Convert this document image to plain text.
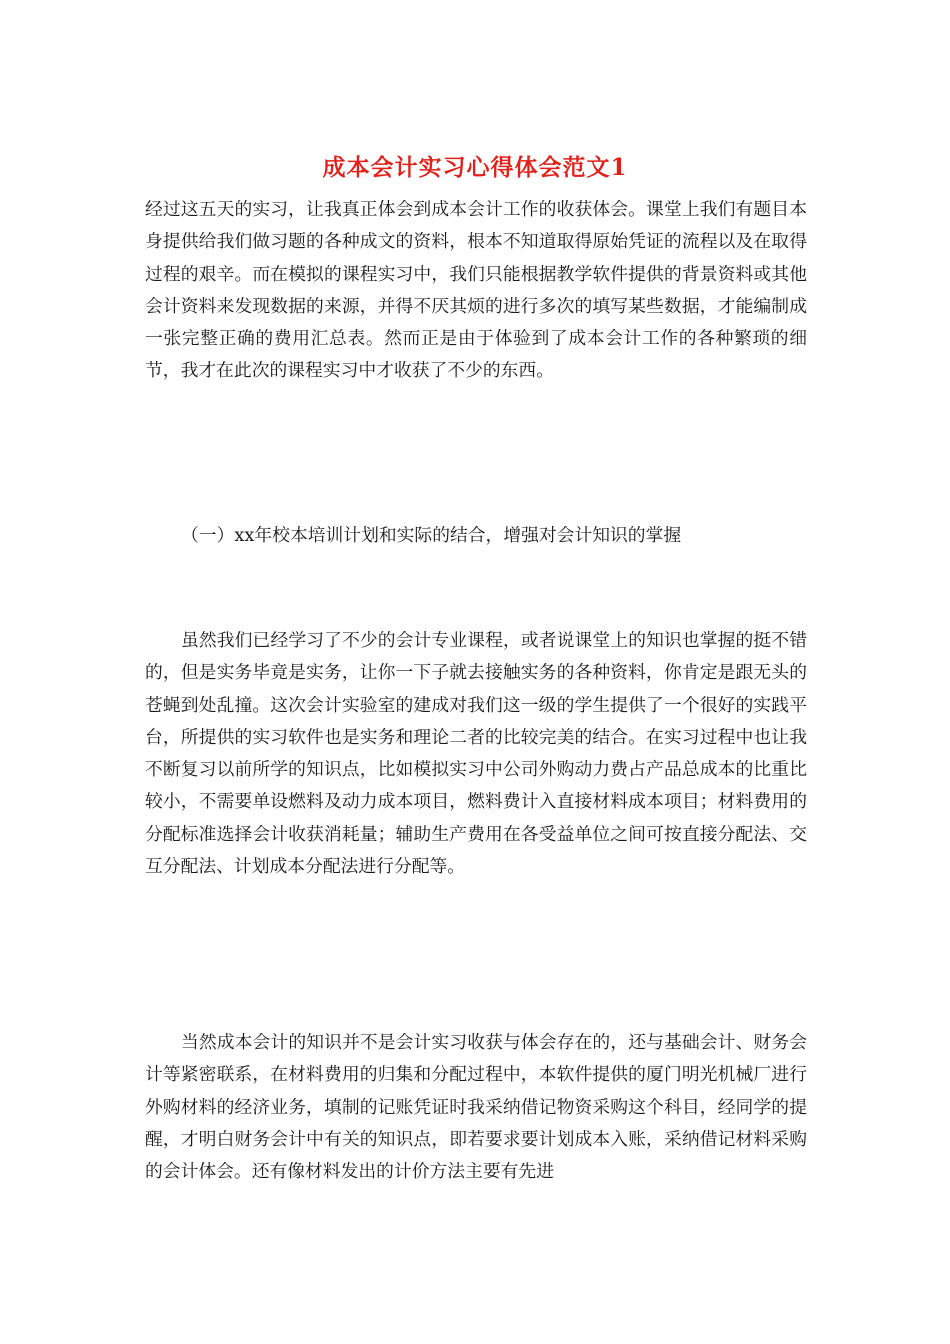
成本会计实习心得体会范文1

经过这五天的实习，让我真正体会到成本会计工作的收获体会。课堂上我们有题目本身提供给我们做习题的各种成文的资料，根本不知道取得原始凭证的流程以及在取得过程的艰辛。而在模拟的课程实习中，我们只能根据教学软件提供的背景资料或其他会计资料来发现数据的来源，并得不厌其烦的进行多次的填写某些数据，才能编制成一张完整正确的费用汇总表。然而正是由于体验到了成本会计工作的各种繁琐的细节，我才在此次的课程实习中才收获了不少的东西。

（一）xx年校本培训计划和实际的结合，增强对会计知识的掌握

虽然我们已经学习了不少的会计专业课程，或者说课堂上的知识也掌握的挺不错的，但是实务毕竟是实务，让你一下子就去接触实务的各种资料，你肯定是跟无头的苍蝇到处乱撞。这次会计实验室的建成对我们这一级的学生提供了一个很好的实践平台，所提供的实习软件也是实务和理论二者的比较完美的结合。在实习过程中也让我不断复习以前所学的知识点，比如模拟实习中公司外购动力费占产品总成本的比重比较小，不需要单设燃料及动力成本项目，燃料费计入直接材料成本项目；材料费用的分配标准选择会计收获消耗量；辅助生产费用在各受益单位之间可按直接分配法、交互分配法、计划成本分配法进行分配等。

当然成本会计的知识并不是会计实习收获与体会存在的，还与基础会计、财务会计等紧密联系，在材料费用的归集和分配过程中，本软件提供的厦门明光机械厂进行外购材料的经济业务，填制的记账凭证时我采纳借记物资采购这个科目，经同学的提醒，才明白财务会计中有关的知识点，即若要求要计划成本入账，采纳借记材料采购的会计体会。还有像材料发出的计价方法主要有先进
